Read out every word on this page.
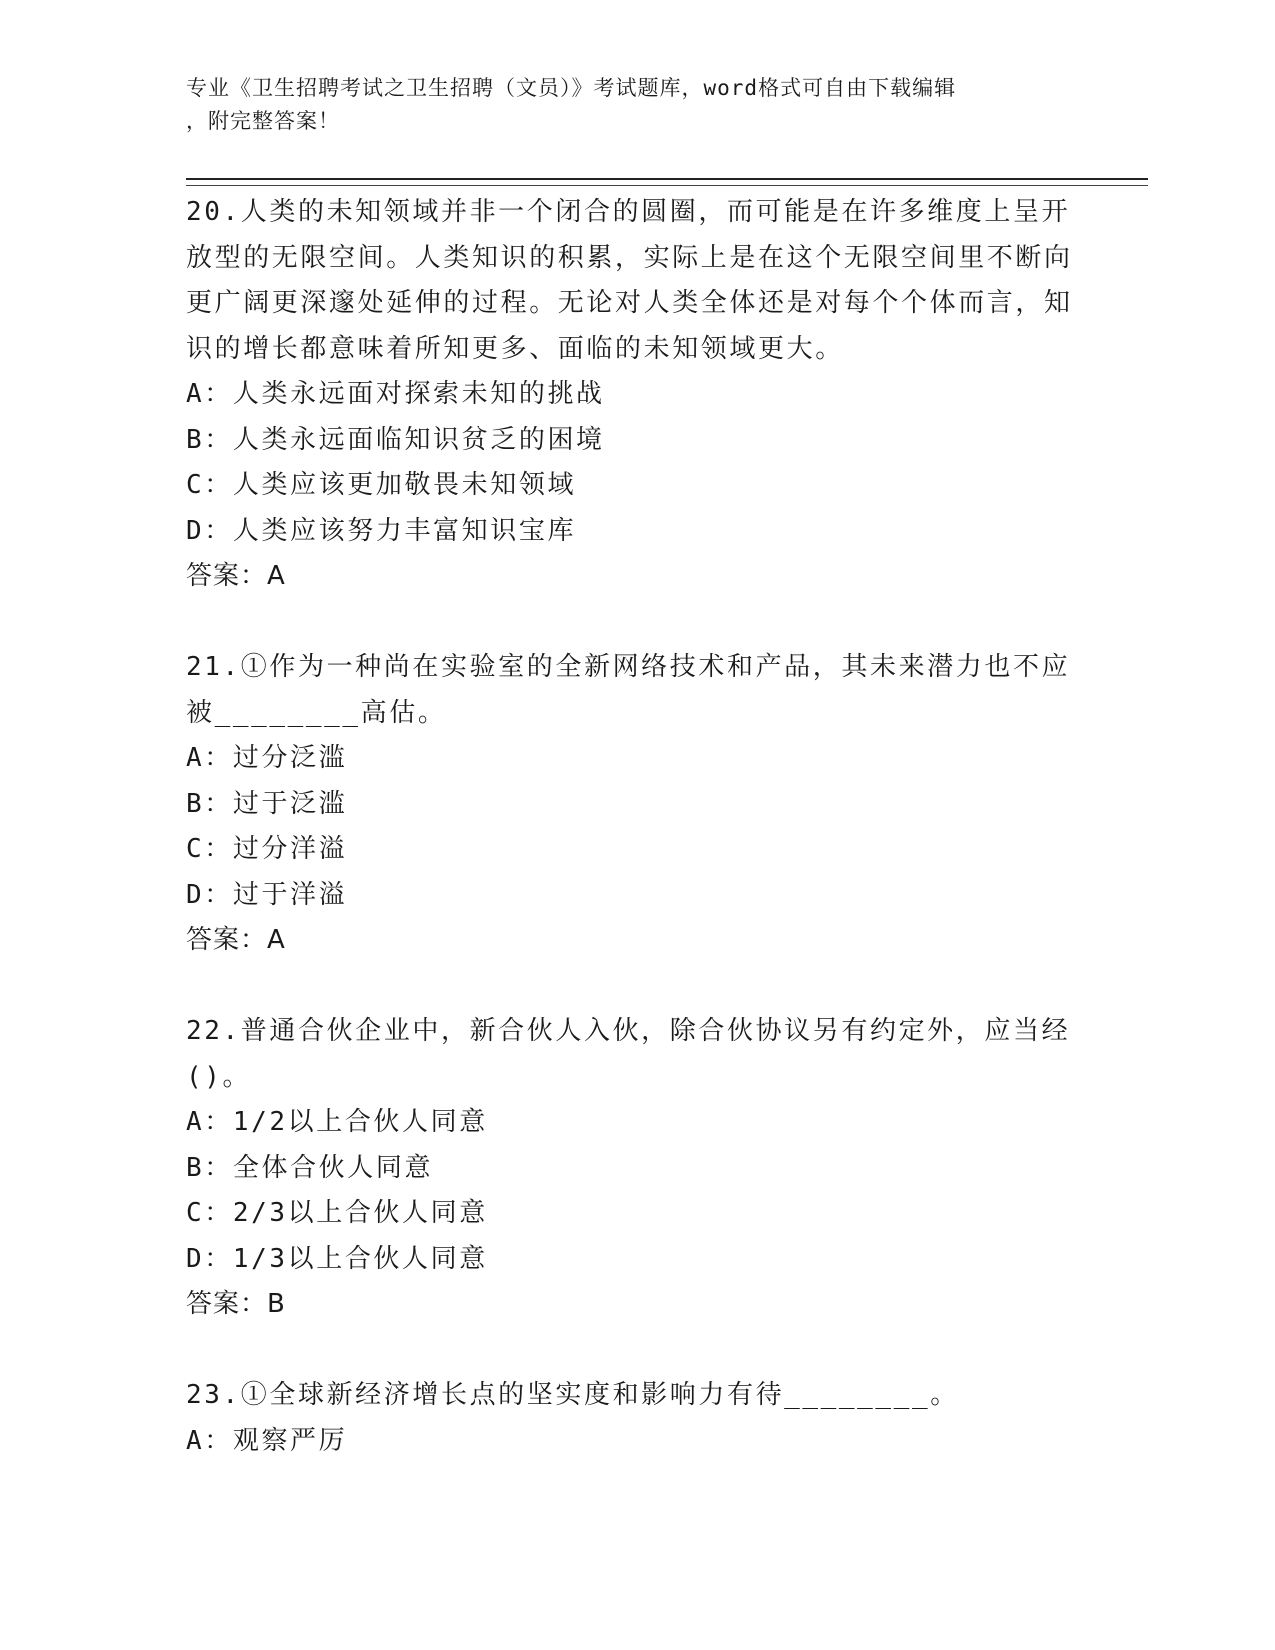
专业《卫生招聘考试之卫生招聘（文员）》考试题库，word格式可自由下载编辑
，附完整答案！

20.人类的未知领域并非一个闭合的圆圈，而可能是在许多维度上呈开放型的无限空间。人类知识的积累，实际上是在这个无限空间里不断向更广阔更深邃处延伸的过程。无论对人类全体还是对每个个体而言，知识的增长都意味着所知更多、面临的未知领域更大。

A：人类永远面对探索未知的挑战

B：人类永远面临知识贫乏的困境

C：人类应该更加敬畏未知领域

D：人类应该努力丰富知识宝库

答案：A

21.①作为一种尚在实验室的全新网络技术和产品，其未来潜力也不应被________高估。

A：过分泛滥

B：过于泛滥

C：过分洋溢

D：过于洋溢

答案：A

22.普通合伙企业中，新合伙人入伙，除合伙协议另有约定外，应当经()。

A：1/2以上合伙人同意

B：全体合伙人同意

C：2/3以上合伙人同意

D：1/3以上合伙人同意

答案：B

23.①全球新经济增长点的坚实度和影响力有待________。

A：观察严厉
